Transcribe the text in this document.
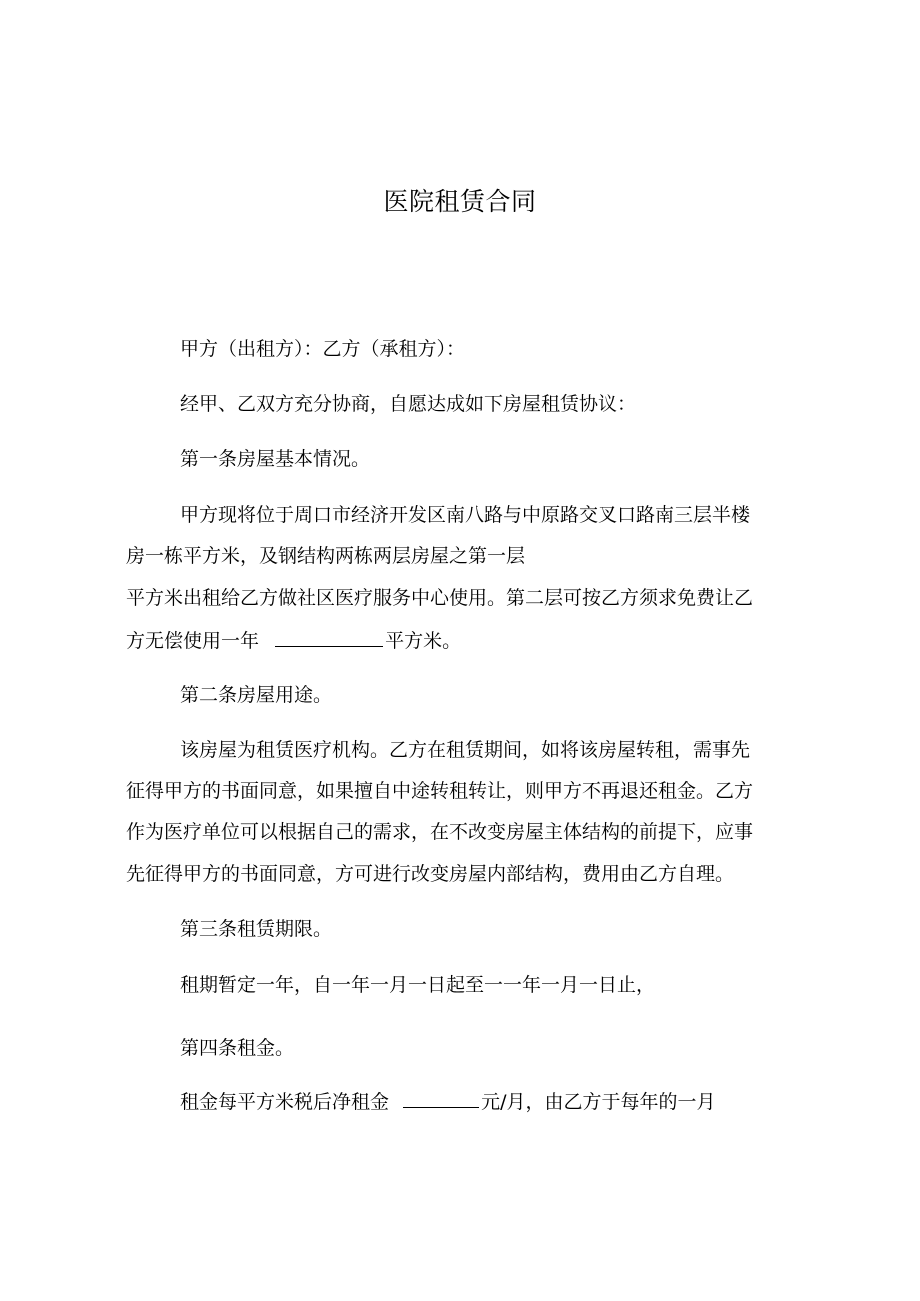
医院租赁合同
甲方（出租方）：乙方（承租方）：
经甲、乙双方充分协商，自愿达成如下房屋租赁协议：
第一条房屋基本情况。
甲方现将位于周口市经济开发区南八路与中原路交叉口路南三层半楼
房一栋平方米，及钢结构两栋两层房屋之第一层
平方米出租给乙方做社区医疗服务中心使用。第二层可按乙方须求免费让乙
方无偿使用一年	平方米。
第二条房屋用途。
该房屋为租赁医疗机构。乙方在租赁期间，如将该房屋转租，需事先
征得甲方的书面同意，如果擅自中途转租转让，则甲方不再退还租金。乙方
作为医疗单位可以根据自己的需求，在不改变房屋主体结构的前提下，应事
先征得甲方的书面同意，方可进行改变房屋内部结构，费用由乙方自理。
第三条租赁期限。
租期暂定一年，自一年一月一日起至一一年一月一日止，
第四条租金。
租金每平方米税后净租金	元/月，由乙方于每年的一月
